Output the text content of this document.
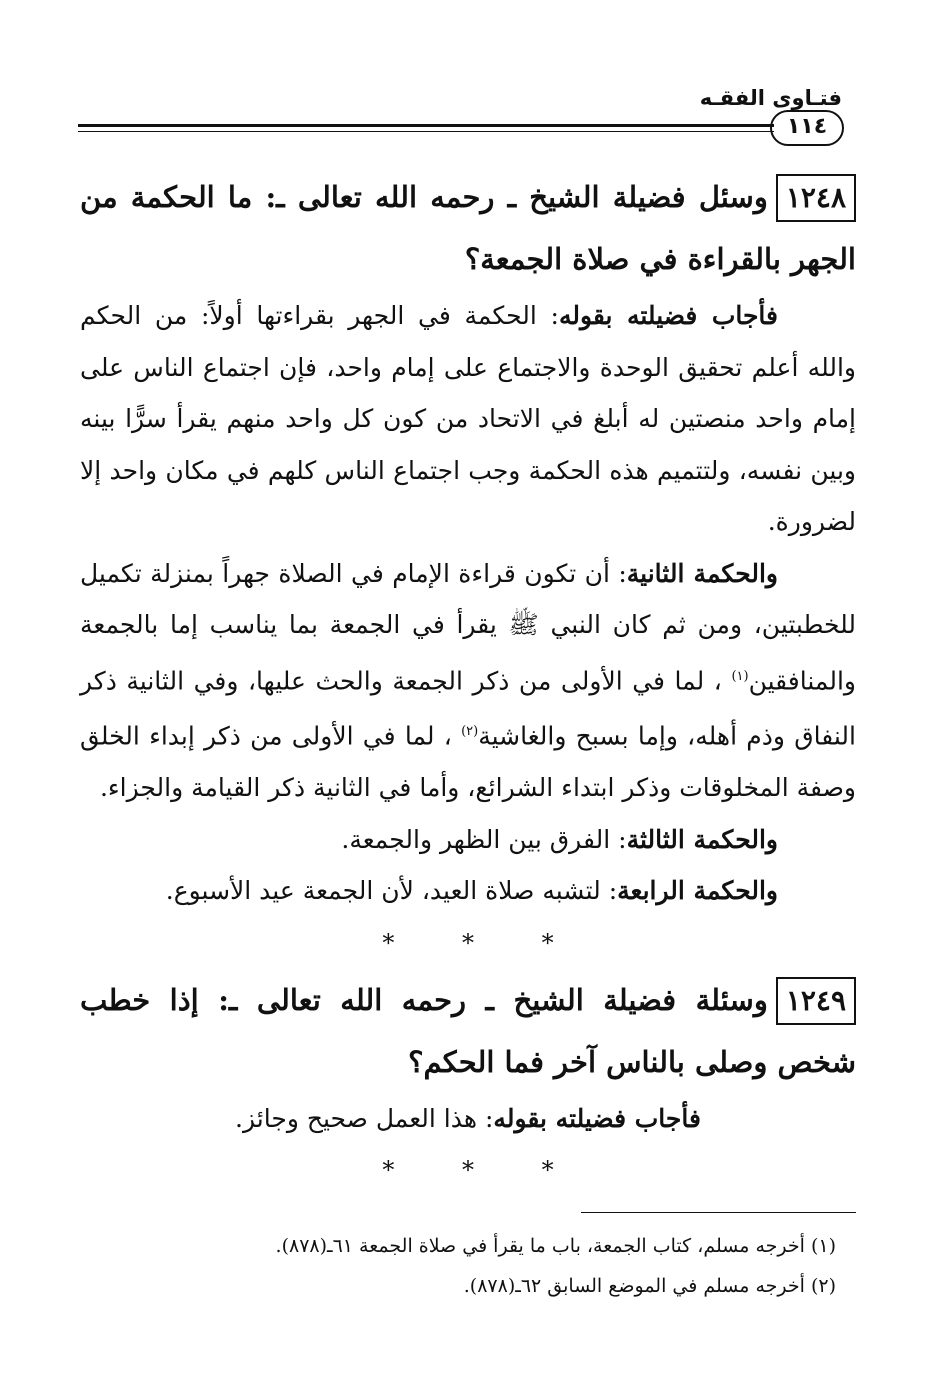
فتـاوى الفقـه
١١٤

١٢٤٨وسئل فضيلة الشيخ ـ رحمه الله تعالى ـ: ما الحكمة من الجهر بالقراءة في صلاة الجمعة؟

فأجاب فضيلته بقوله: الحكمة في الجهر بقراءتها أولاً: من الحكم والله أعلم تحقيق الوحدة والاجتماع على إمام واحد، فإن اجتماع الناس على إمام واحد منصتين له أبلغ في الاتحاد من كون كل واحد منهم يقرأ سرًّا بينه وبين نفسه، ولتتميم هذه الحكمة وجب اجتماع الناس كلهم في مكان واحد إلا لضرورة.

والحكمة الثانية: أن تكون قراءة الإمام في الصلاة جهراً بمنزلة تكميل للخطبتين، ومن ثم كان النبي ﷺ يقرأ في الجمعة بما يناسب إما بالجمعة والمنافقين$^{(١)}$ ، لما في الأولى من ذكر الجمعة والحث عليها، وفي الثانية ذكر النفاق وذم أهله، وإما بسبح والغاشية$^{(٢)}$ ، لما في الأولى من ذكر إبداء الخلق وصفة المخلوقات وذكر ابتداء الشرائع، وأما في الثانية ذكر القيامة والجزاء.

والحكمة الثالثة: الفرق بين الظهر والجمعة.

والحكمة الرابعة: لتشبه صلاة العيد، لأن الجمعة عيد الأسبوع.

* * *

١٢٤٩وسئلة فضيلة الشيخ ـ رحمه الله تعالى ـ: إذا خطب شخص وصلى بالناس آخر فما الحكم؟

فأجاب فضيلته بقوله: هذا العمل صحيح وجائز.

* * *
(١) أخرجه مسلم، كتاب الجمعة، باب ما يقرأ في صلاة الجمعة ٦١ـ(٨٧٨).
(٢) أخرجه مسلم في الموضع السابق ٦٢ـ(٨٧٨).
